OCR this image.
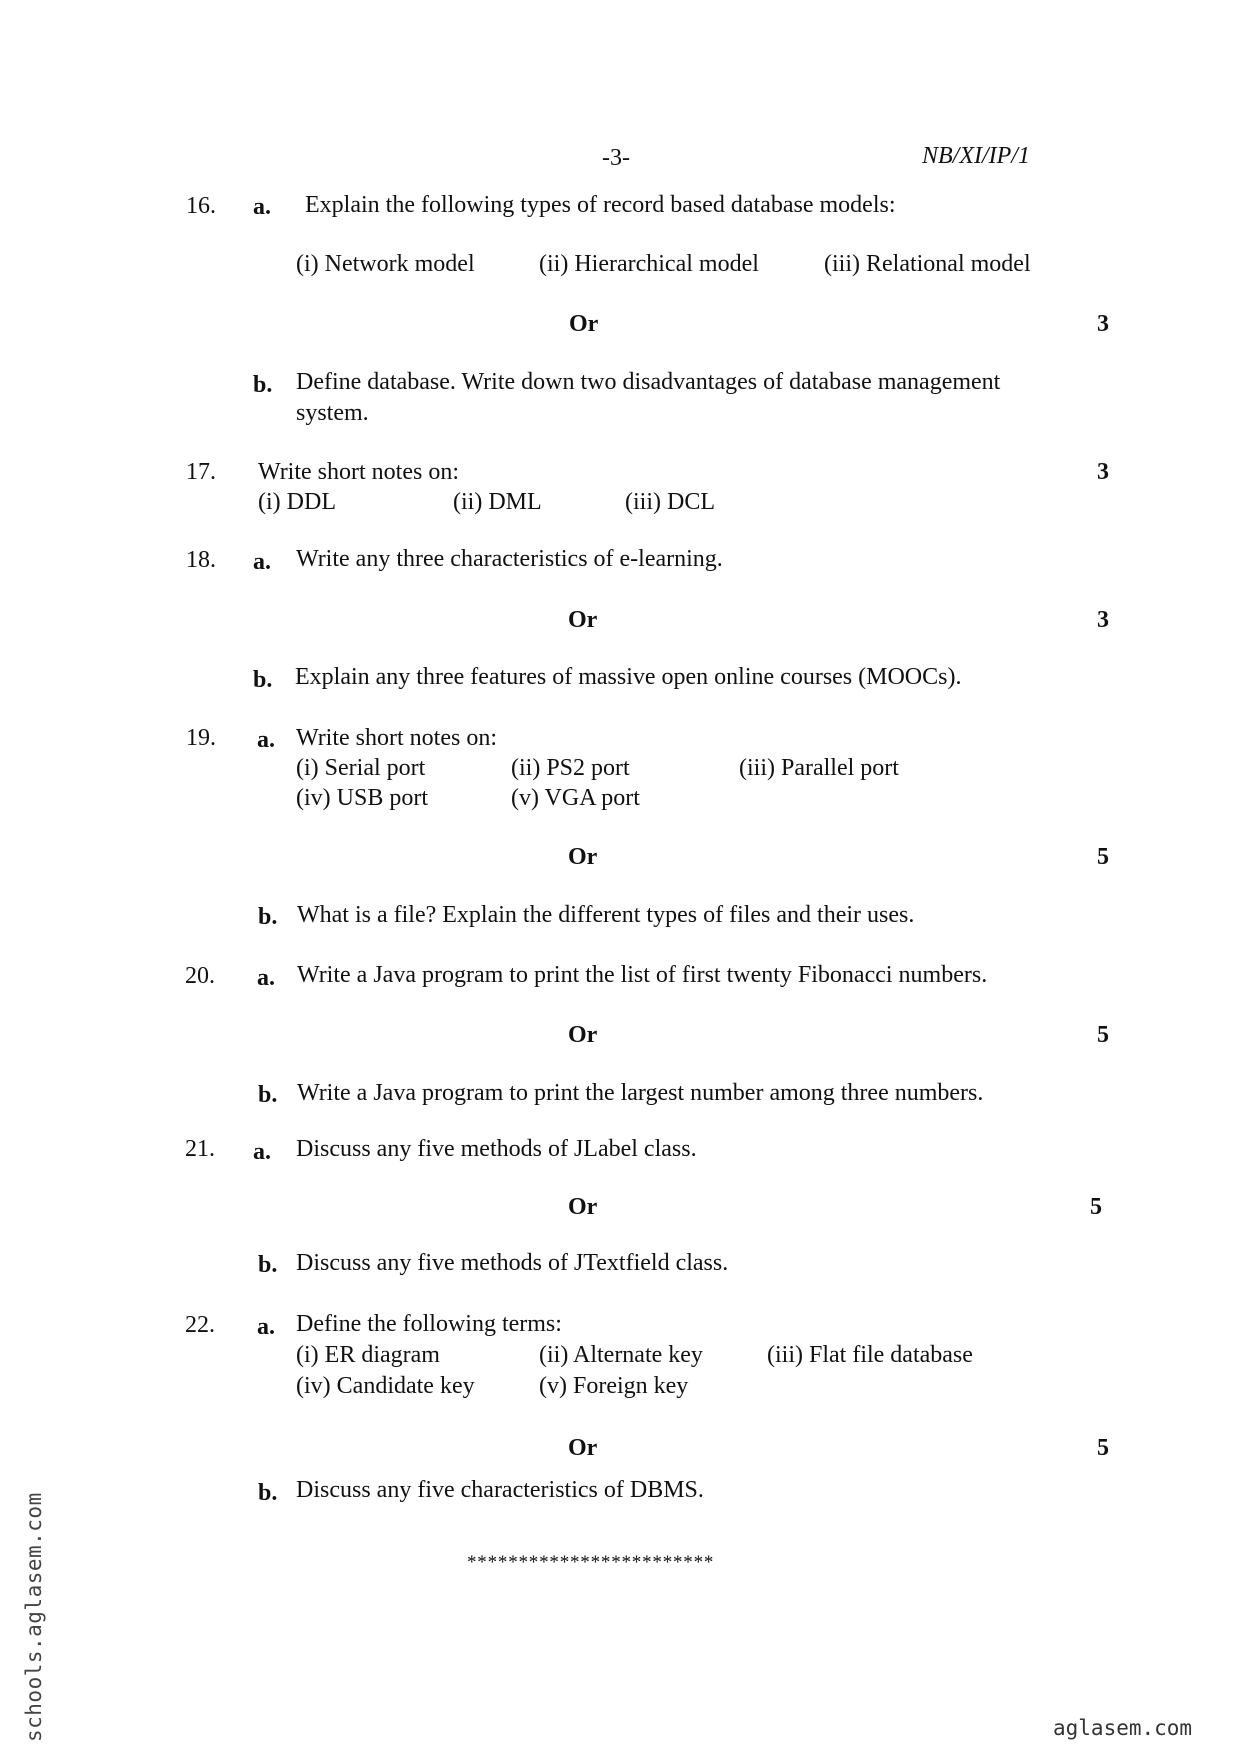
-3-	NB/XI/IP/1
16. a. Explain the following types of record based database models:
(i) Network model	(ii) Hierarchical model	(iii) Relational model
Or	3
b. Define database. Write down two disadvantages of database management
system.
17. Write short notes on:	3
(i) DDL	(ii) DML	(iii) DCL
18. a. Write any three characteristics of e-learning.
Or	3
b. Explain any three features of massive open online courses (MOOCs).
19. a. Write short notes on:
(i) Serial port	(ii) PS2 port	(iii) Parallel port
(iv) USB port	(v) VGA port
Or	5
b. What is a file? Explain the different types of files and their uses.
20. a. Write a Java program to print the list of first twenty Fibonacci numbers.
Or	5
b. Write a Java program to print the largest number among three numbers.
21. a. Discuss any five methods of JLabel class.
Or	5
b. Discuss any five methods of JTextfield class.
22. a. Define the following terms:
(i) ER diagram	(ii) Alternate key	(iii) Flat file database
(iv) Candidate key	(v) Foreign key
Or	5
b. Discuss any five characteristics of DBMS.
************************
schools.aglasem.com	aglasem.com
